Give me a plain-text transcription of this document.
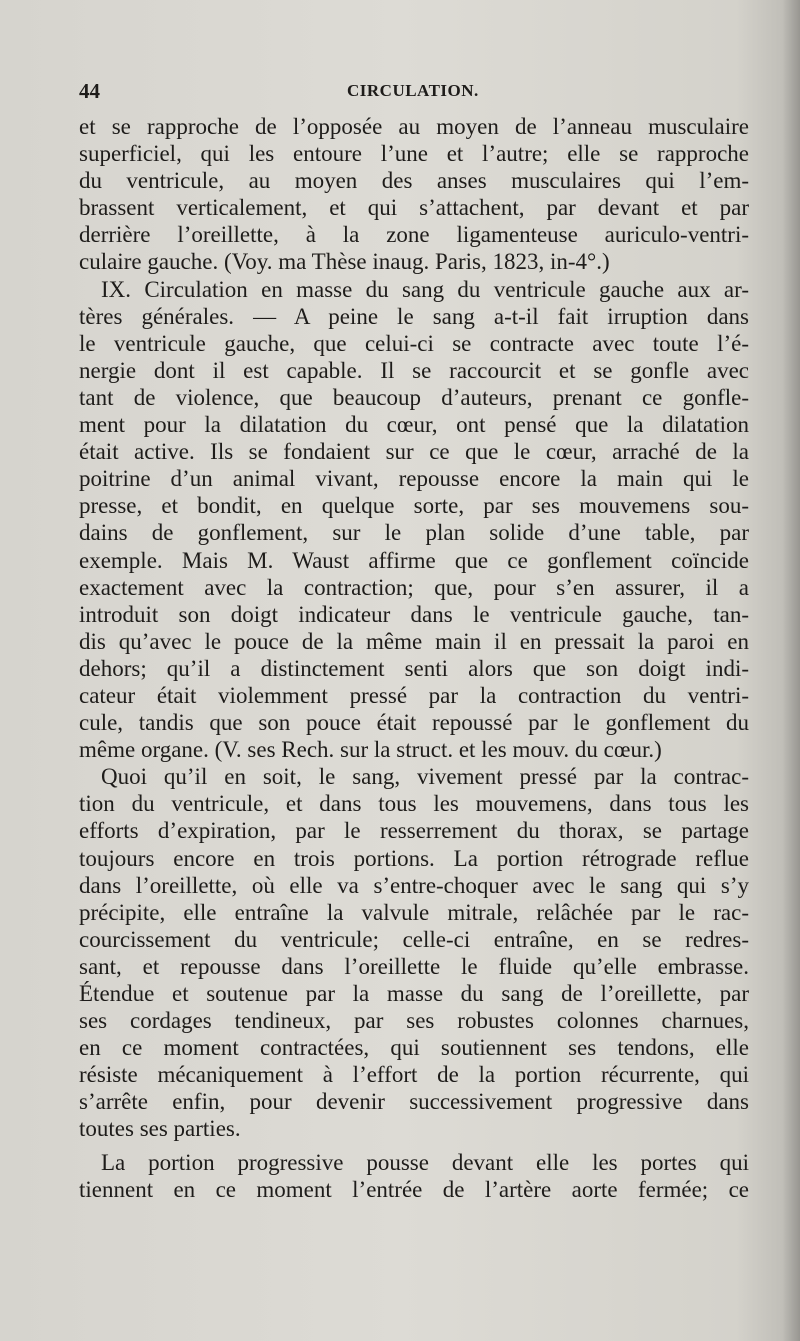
44	CIRCULATION.
et se rapproche de l’opposée au moyen de l’anneau musculaire
superficiel, qui les entoure l’une et l’autre; elle se rapproche
du ventricule, au moyen des anses musculaires qui l’em-
brassent verticalement, et qui s’attachent, par devant et par
derrière l’oreillette, à la zone ligamenteuse auriculo-ventri-
culaire gauche. (Voy. ma Thèse inaug. Paris, 1823, in-4°.)
IX. Circulation en masse du sang du ventricule gauche aux ar-
tères générales. — A peine le sang a-t-il fait irruption dans
le ventricule gauche, que celui-ci se contracte avec toute l’é-
nergie dont il est capable. Il se raccourcit et se gonfle avec
tant de violence, que beaucoup d’auteurs, prenant ce gonfle-
ment pour la dilatation du cœur, ont pensé que la dilatation
était active. Ils se fondaient sur ce que le cœur, arraché de la
poitrine d’un animal vivant, repousse encore la main qui le
presse, et bondit, en quelque sorte, par ses mouvemens sou-
dains de gonflement, sur le plan solide d’une table, par
exemple. Mais M. Waust affirme que ce gonflement coïncide
exactement avec la contraction; que, pour s’en assurer, il a
introduit son doigt indicateur dans le ventricule gauche, tan-
dis qu’avec le pouce de la même main il en pressait la paroi en
dehors; qu’il a distinctement senti alors que son doigt indi-
cateur était violemment pressé par la contraction du ventri-
cule, tandis que son pouce était repoussé par le gonflement du
même organe. (V. ses Rech. sur la struct. et les mouv. du cœur.)
Quoi qu’il en soit, le sang, vivement pressé par la contrac-
tion du ventricule, et dans tous les mouvemens, dans tous les
efforts d’expiration, par le resserrement du thorax, se partage
toujours encore en trois portions. La portion rétrograde reflue
dans l’oreillette, où elle va s’entre-choquer avec le sang qui s’y
précipite, elle entraîne la valvule mitrale, relâchée par le rac-
courcissement du ventricule; celle-ci entraîne, en se redres-
sant, et repousse dans l’oreillette le fluide qu’elle embrasse.
Étendue et soutenue par la masse du sang de l’oreillette, par
ses cordages tendineux, par ses robustes colonnes charnues,
en ce moment contractées, qui soutiennent ses tendons, elle
résiste mécaniquement à l’effort de la portion récurrente, qui
s’arrête enfin, pour devenir successivement progressive dans
toutes ses parties.
La portion progressive pousse devant elle les portes qui
tiennent en ce moment l’entrée de l’artère aorte fermée; ce
